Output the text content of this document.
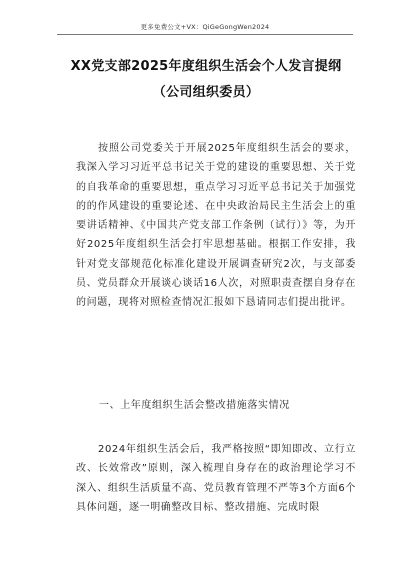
更多免费公文+VX：QiGeGongWen2024
XX党支部2025年度组织生活会个人发言提纲（公司组织委员）
按照公司党委关于开展2025年度组织生活会的要求，我深入学习习近平总书记关于党的建设的重要思想、关于党的自我革命的重要思想，重点学习习近平总书记关于加强党的的作风建设的重要论述、在中央政治局民主生活会上的重要讲话精神、《中国共产党支部工作条例（试行）》等，为开好2025年度组织生活会打牢思想基础。根据工作安排，我针对党支部规范化标准化建设开展调查研究2次，与支部委员、党员群众开展谈心谈话16人次，对照职责查摆自身存在的问题，现将对照检查情况汇报如下恳请同志们提出批评。
一、上年度组织生活会整改措施落实情况
2024年组织生活会后，我严格按照“即知即改、立行立改、长效常改”原则，深入梳理自身存在的政治理论学习不深入、组织生活质量不高、党员教育管理不严等3个方面6个具体问题，逐一明确整改目标、整改措施、完成时限
